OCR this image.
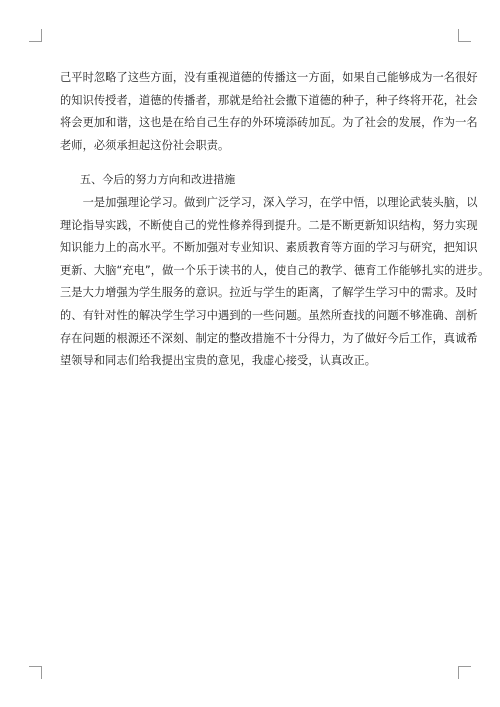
己平时忽略了这些方面，没有重视道德的传播这一方面，如果自己能够成为一名很好
的知识传授者，道德的传播者，那就是给社会撒下道德的种子，种子终将开花，社会
将会更加和谐，这也是在给自己生存的外环境添砖加瓦。为了社会的发展，作为一名
老师，必须承担起这份社会职责。
五、今后的努力方向和改进措施
　　一是加强理论学习。做到广泛学习，深入学习，在学中悟，以理论武装头脑，以
理论指导实践，不断使自己的党性修养得到提升。二是不断更新知识结构，努力实现
知识能力上的高水平。不断加强对专业知识、素质教育等方面的学习与研究，把知识
更新、大脑“充电”，做一个乐于读书的人，使自己的教学、德育工作能够扎实的进步。
三是大力增强为学生服务的意识。拉近与学生的距离，了解学生学习中的需求。及时
的、有针对性的解决学生学习中遇到的一些问题。虽然所查找的问题不够准确、剖析
存在问题的根源还不深刻、制定的整改措施不十分得力，为了做好今后工作，真诚希
望领导和同志们给我提出宝贵的意见，我虚心接受，认真改正。
